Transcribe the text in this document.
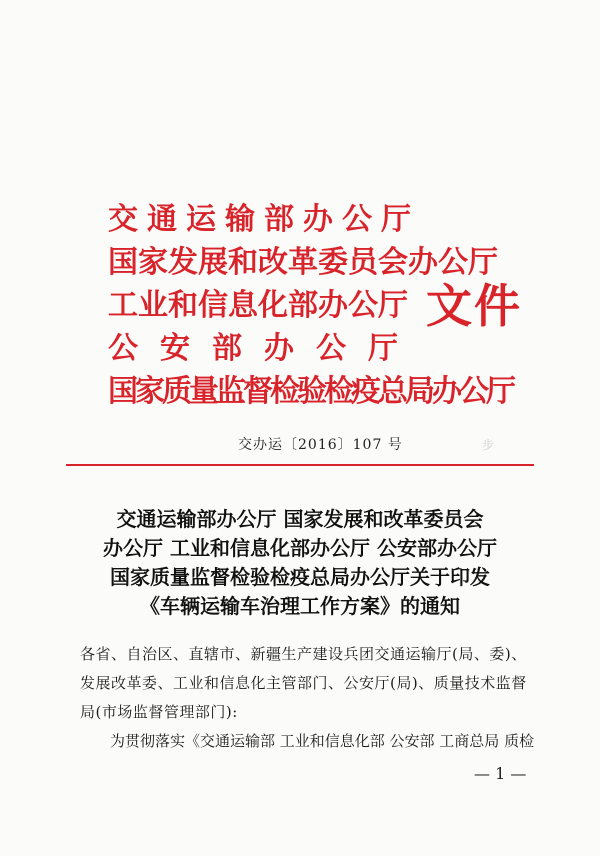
交通运输部办公厅
国家发展和改革委员会办公厅
工业和信息化部办公厅
公安部办公厅
国家质量监督检验检疫总局办公厅
文件
交办运〔2016〕107 号	步
交通运输部办公厅 国家发展和改革委员会
办公厅 工业和信息化部办公厅 公安部办公厅
国家质量监督检验检疫总局办公厅关于印发
《车辆运输车治理工作方案》的通知
各省、自治区、直辖市、新疆生产建设兵团交通运输厅(局、委)、发展改革委、工业和信息化主管部门、公安厅(局)、质量技术监督局(市场监督管理部门):
为贯彻落实《交通运输部 工业和信息化部 公安部 工商总局 质检
— 1 —
